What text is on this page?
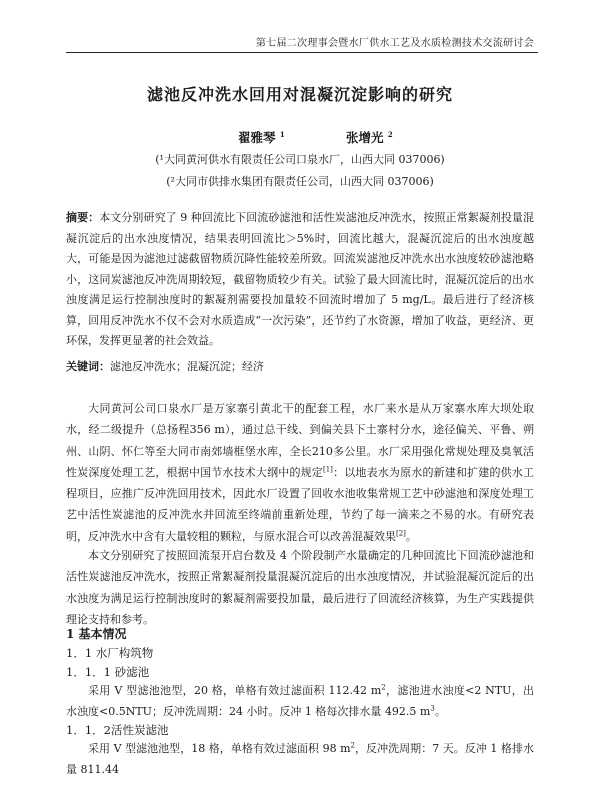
第七届二次理事会暨水厂供水工艺及水质检测技术交流研讨会
滤池反冲洗水回用对混凝沉淀影响的研究
翟雅琴 $^1$	张增光 $^2$
(¹大同黄河供水有限责任公司口泉水厂，山西大同 037006)
(²大同市供排水集团有限责任公司，山西大同 037006)

摘要：本文分别研究了 9 种回流比下回流砂滤池和活性炭滤池反冲洗水，按照正常絮凝剂投量混凝沉淀后的出水浊度情况，结果表明回流比＞5%时，回流比越大，混凝沉淀后的出水浊度越大，可能是因为滤池过滤截留物质沉降性能较差所致。回流炭滤池反冲洗水出水浊度较砂滤池略小，这同炭滤池反冲洗周期较短，截留物质较少有关。试验了最大回流比时，混凝沉淀后的出水浊度满足运行控制浊度时的絮凝剂需要投加量较不回流时增加了 5 mg/L。最后进行了经济核算，回用反冲洗水不仅不会对水质造成“一次污染”，还节约了水资源，增加了收益，更经济、更环保，发挥更显著的社会效益。

关键词：滤池反冲洗水；混凝沉淀；经济

大同黄河公司口泉水厂是万家寨引黄北干的配套工程，水厂来水是从万家寨水库大坝处取水，经二级提升（总扬程356 m），通过总干线、到偏关县下土寨村分水，途径偏关、平鲁、朔州、山阴、怀仁等至大同市南郊墙框堡水库，全长210多公里。水厂采用强化常规处理及臭氧活性炭深度处理工艺，根据中国节水技术大纲中的规定[1]：以地表水为原水的新建和扩建的供水工程项目，应推广反冲洗回用技术，因此水厂设置了回收水池收集常规工艺中砂滤池和深度处理工艺中活性炭滤池的反冲洗水并回流至终端前重新处理，节约了每一滴来之不易的水。有研究表明，反冲洗水中含有大量较粗的颗粒，与原水混合可以改善混凝效果[2]。

本文分别研究了按照回流泵开启台数及 4 个阶段制产水量确定的几种回流比下回流砂滤池和活性炭滤池反冲洗水，按照正常絮凝剂投量混凝沉淀后的出水浊度情况，并试验混凝沉淀后的出水浊度为满足运行控制浊度时的絮凝剂需要投加量，最后进行了回流经济核算，为生产实践提供理论支持和参考。

1 基本情况
1．1 水厂构筑物
1．1．1 砂滤池

采用 V 型滤池池型，20 格，单格有效过滤面积 112.42 $m^2$，滤池进水浊度<2 NTU，出水浊度<0.5NTU；反冲洗周期：24 小时。反冲 1 格每次排水量 492.5 $m^3$。

1．1．2活性炭滤池

采用 V 型滤池池型，18 格，单格有效过滤面积 98 $m^2$，反冲洗周期：7 天。反冲 1 格排水量 811.44
